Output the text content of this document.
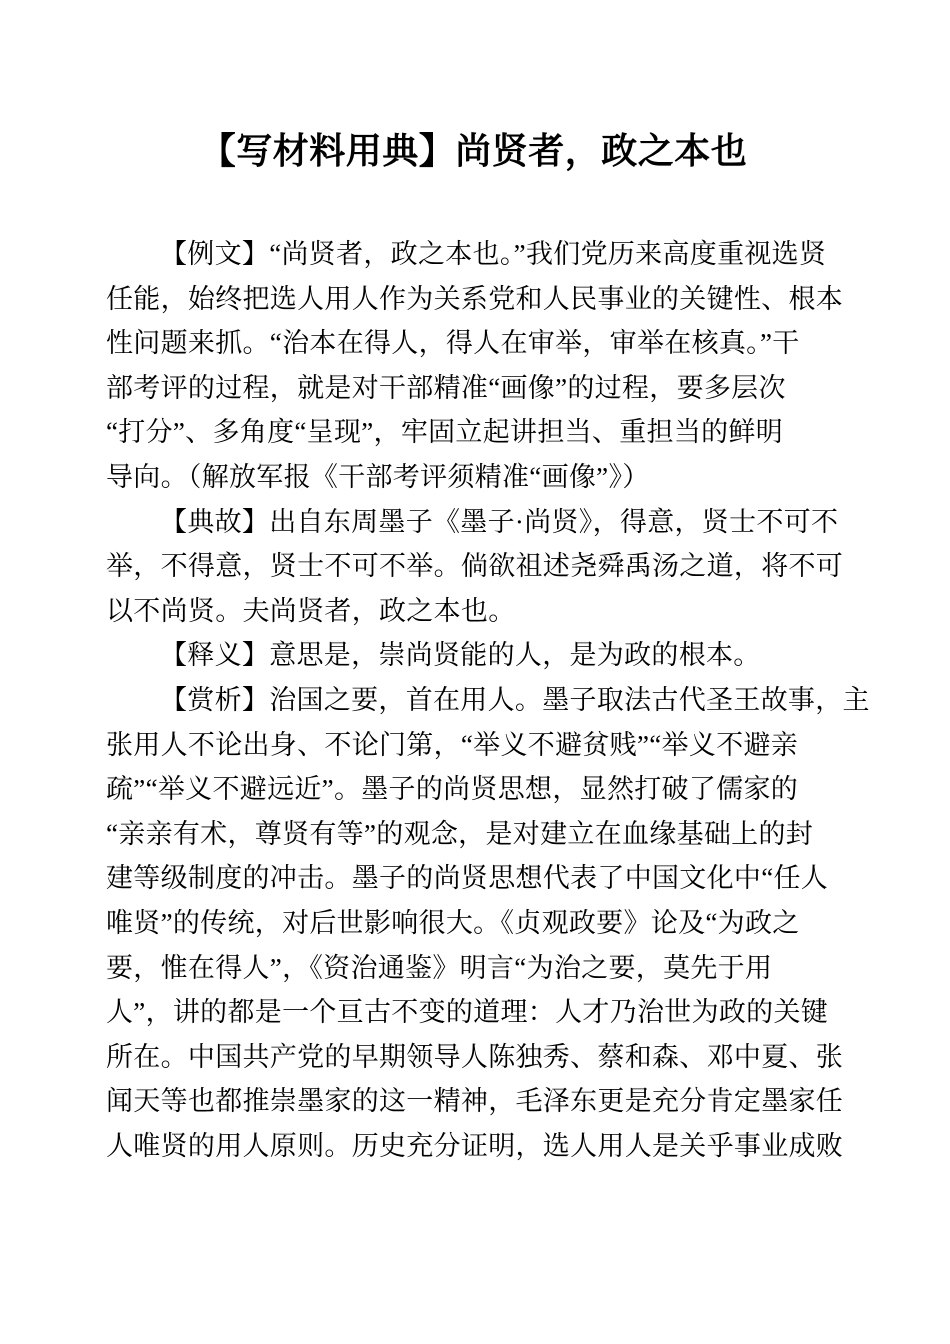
【写材料用典】尚贤者，政之本也
【例文】“尚贤者，政之本也。”我们党历来高度重视选贤
任能，始终把选人用人作为关系党和人民事业的关键性、根本
性问题来抓。“治本在得人，得人在审举，审举在核真。”干
部考评的过程，就是对干部精准“画像”的过程，要多层次
“打分”、多角度“呈现”，牢固立起讲担当、重担当的鲜明
导向。（解放军报《干部考评须精准“画像”》）
【典故】出自东周墨子《墨子·尚贤》，得意，贤士不可不
举，不得意，贤士不可不举。倘欲祖述尧舜禹汤之道，将不可
以不尚贤。夫尚贤者，政之本也。
【释义】意思是，崇尚贤能的人，是为政的根本。
【赏析】治国之要，首在用人。墨子取法古代圣王故事，主
张用人不论出身、不论门第，“举义不避贫贱”“举义不避亲
疏”“举义不避远近”。墨子的尚贤思想，显然打破了儒家的
“亲亲有术，尊贤有等”的观念，是对建立在血缘基础上的封
建等级制度的冲击。墨子的尚贤思想代表了中国文化中“任人
唯贤”的传统，对后世影响很大。《贞观政要》论及“为政之
要，惟在得人”，《资治通鉴》明言“为治之要，莫先于用
人”，讲的都是一个亘古不变的道理：人才乃治世为政的关键
所在。中国共产党的早期领导人陈独秀、蔡和森、邓中夏、张
闻天等也都推崇墨家的这一精神，毛泽东更是充分肯定墨家任
人唯贤的用人原则。历史充分证明，选人用人是关乎事业成败
